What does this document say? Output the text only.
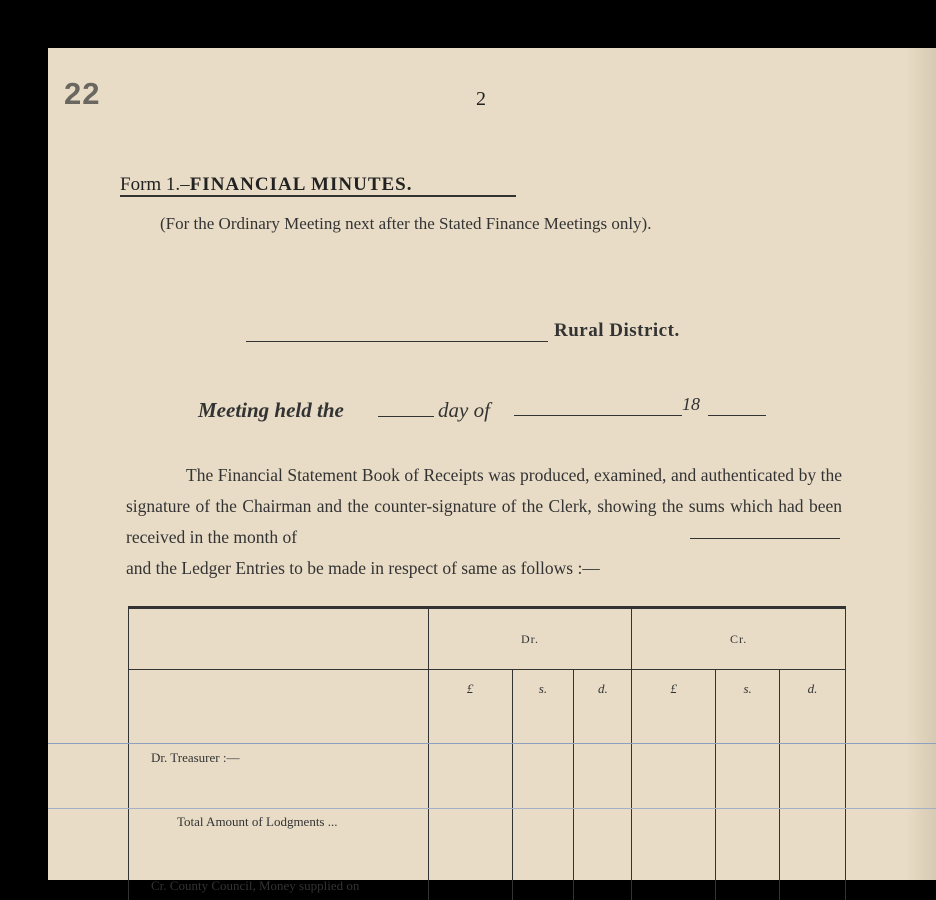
22	2
Form 1.–FINANCIAL MINUTES.
(For the Ordinary Meeting next after the Stated Finance Meetings only).
Rural District.
Meeting held the	day of	18
The Financial Statement Book of Receipts was produced, examined, and authenticated by the signature of the Chairman and the counter-signature of the Clerk, showing the sums which had been received in the month of
and the Ledger Entries to be made in respect of same as follows :—
	Dr.			Cr.		
	£	s.	d.	£	s.	d.
Dr. Treasurer :—						
Total Amount of Lodgments ...						
Cr. County Council, Money supplied on						
